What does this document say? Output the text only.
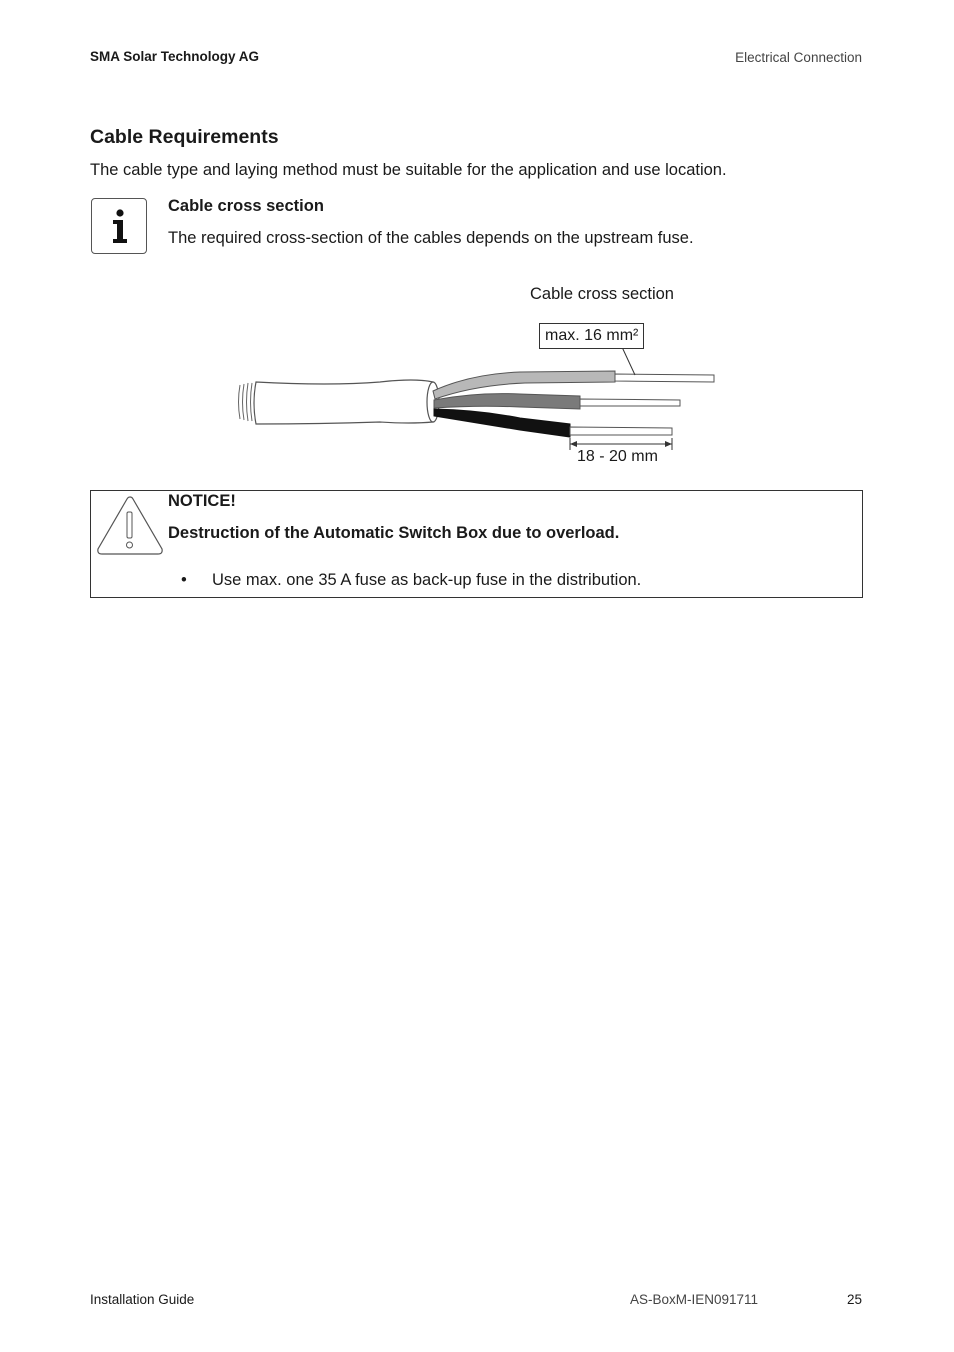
SMA Solar Technology AG	Electrical Connection
Cable Requirements
The cable type and laying method must be suitable for the application and use location.
Cable cross section
The required cross-section of the cables depends on the upstream fuse.
Cable cross section
max. 16 mm²
18 - 20 mm
NOTICE!
Destruction of the Automatic Switch Box due to overload.
• Use max. one 35 A fuse as back-up fuse in the distribution.
Installation Guide	AS-BoxM-IEN091711	25
